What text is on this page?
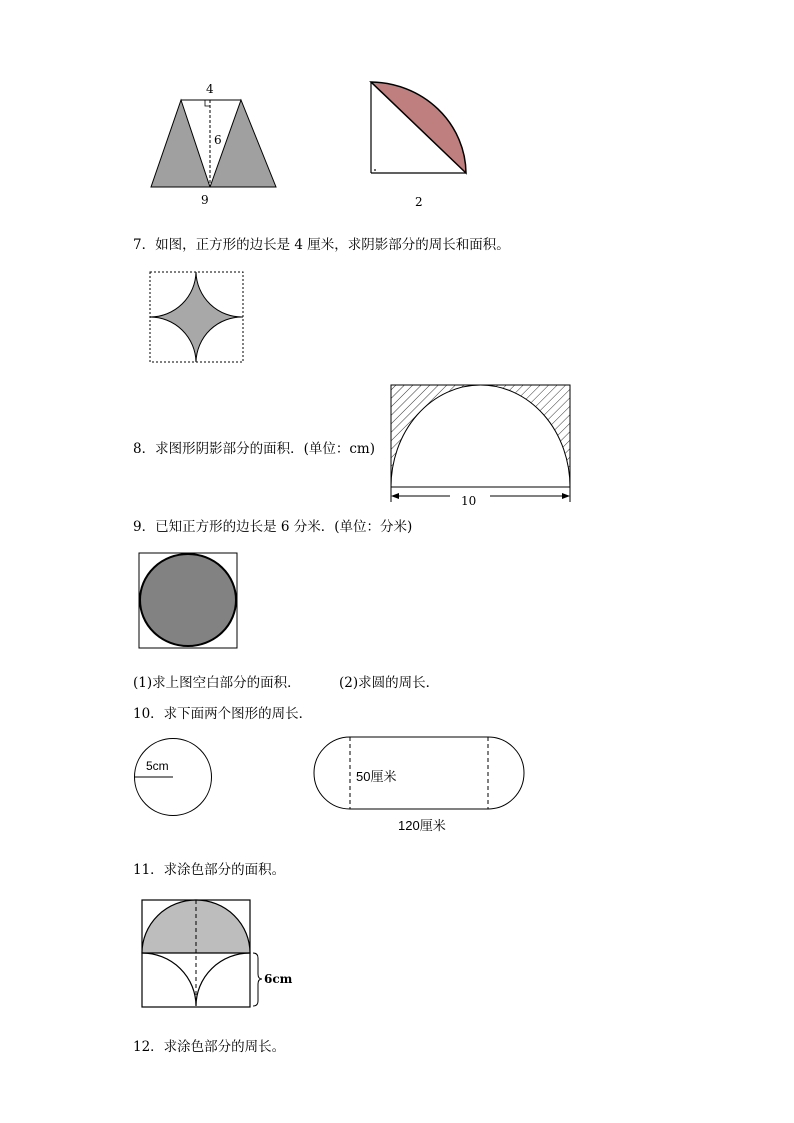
4
6
9	2
7．如图，正方形的边长是 4 厘米，求阴影部分的周长和面积。
8．求图形阴影部分的面积．(单位：cm)
10
9．已知正方形的边长是 6 分米．(单位：分米)
(1)求上图空白部分的面积．	(2)求圆的周长．
10．求下面两个图形的周长．
5cm
50厘米
120厘米
11．求涂色部分的面积。
6cm
12．求涂色部分的周长。
